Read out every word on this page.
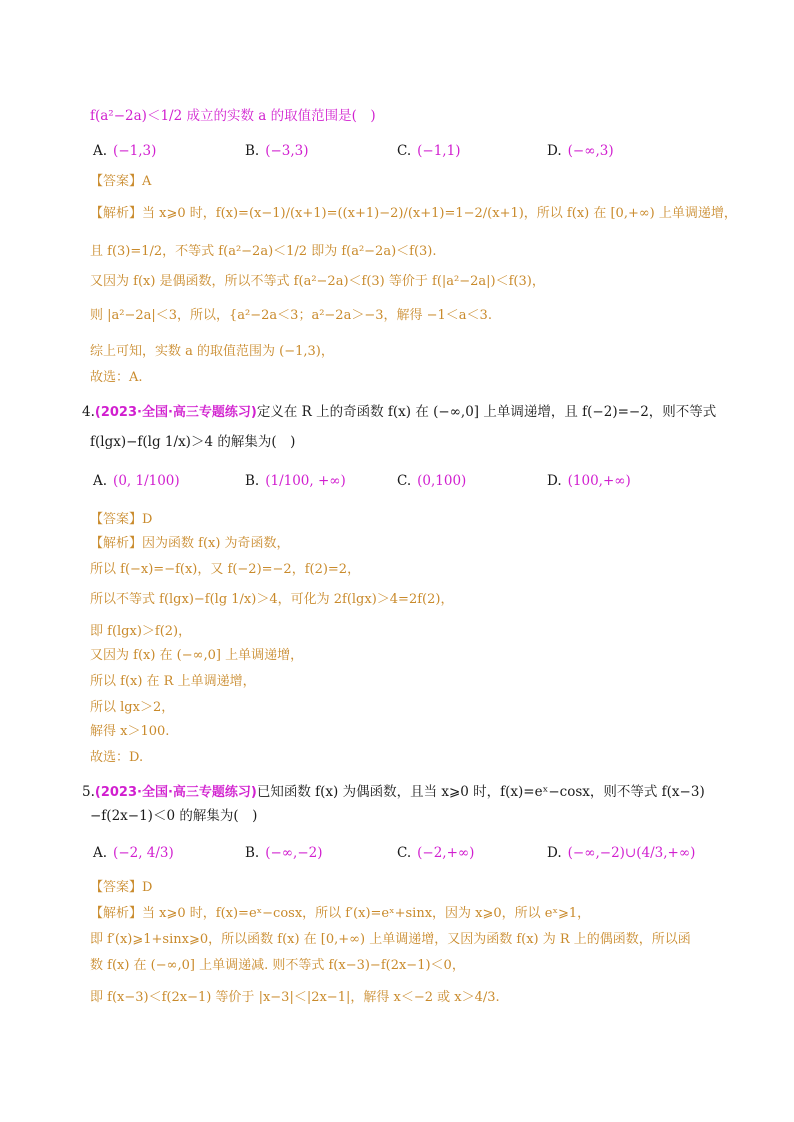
f(a²−2a)＜1/2 成立的实数 a 的取值范围是(　)
A. (−1,3)	B. (−3,3)	C. (−1,1)	D. (−∞,3)
【答案】A
【解析】当 x⩾0 时，f(x)=(x−1)/(x+1)=((x+1)−2)/(x+1)=1−2/(x+1)，所以 f(x) 在 [0,+∞) 上单调递增，
且 f(3)=1/2，不等式 f(a²−2a)＜1/2 即为 f(a²−2a)＜f(3).
又因为 f(x) 是偶函数，所以不等式 f(a²−2a)＜f(3) 等价于 f(|a²−2a|)＜f(3)，
则 |a²−2a|＜3，所以，{a²−2a＜3；a²−2a＞−3，解得 −1＜a＜3.
综上可知，实数 a 的取值范围为 (−1,3)，
故选：A.
4.(2023·全国·高三专题练习)定义在 R 上的奇函数 f(x) 在 (−∞,0] 上单调递增，且 f(−2)=−2，则不等式
f(lgx)−f(lg 1/x)＞4 的解集为(　)
A. (0, 1/100)	B. (1/100, +∞)	C. (0,100)	D. (100,+∞)
【答案】D
【解析】因为函数 f(x) 为奇函数，
所以 f(−x)=−f(x)，又 f(−2)=−2，f(2)=2，
所以不等式 f(lgx)−f(lg 1/x)＞4，可化为 2f(lgx)＞4=2f(2)，
即 f(lgx)＞f(2)，
又因为 f(x) 在 (−∞,0] 上单调递增，
所以 f(x) 在 R 上单调递增，
所以 lgx＞2，
解得 x＞100.
故选：D.
5.(2023·全国·高三专题练习)已知函数 f(x) 为偶函数，且当 x⩾0 时，f(x)=eˣ−cosx，则不等式 f(x−3)
−f(2x−1)＜0 的解集为(　)
A. (−2, 4/3)	B. (−∞,−2)	C. (−2,+∞)	D. (−∞,−2)∪(4/3,+∞)
【答案】D
【解析】当 x⩾0 时，f(x)=eˣ−cosx，所以 f′(x)=eˣ+sinx，因为 x⩾0，所以 eˣ⩾1，
即 f′(x)⩾1+sinx⩾0，所以函数 f(x) 在 [0,+∞) 上单调递增，又因为函数 f(x) 为 R 上的偶函数，所以函
数 f(x) 在 (−∞,0] 上单调递减. 则不等式 f(x−3)−f(2x−1)＜0，
即 f(x−3)＜f(2x−1) 等价于 |x−3|＜|2x−1|，解得 x＜−2 或 x＞4/3.
